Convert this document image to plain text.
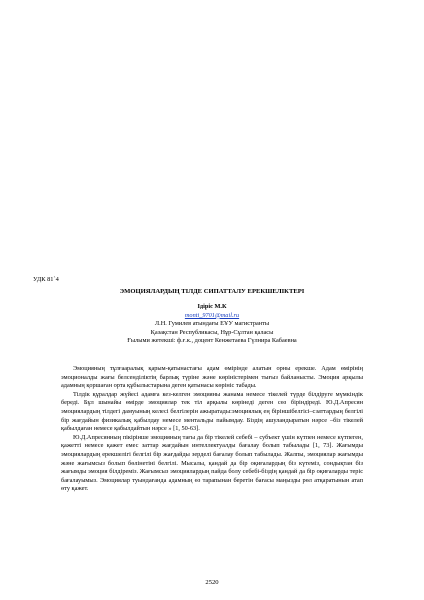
УДК 81`4
ЭМОЦИЯЛАРДЫҢ ТІЛДЕ СИПАТТАЛУ ЕРЕКШЕЛІКТЕРІ
Ідірiс М.К
monti_9701@mail.ru
Л.Н. Гумилев атындағы ЕҰУ магистранты
Қазақстан Республикасы, Нұр-Сұлтан қаласы
Ғылыми жетекші: ф.ғ.к., доцент Кенжетаева Гүлнира Кабаевна

Эмоцияның тұлғааралық қарым-қатынастағы адам өмірінде алатын орны ерекше. Адам өмірінің эмоционалды жағы белсенділіктің барлық түріне және көріністерімен тығыз байланысты. Эмоция арқылы адамның қоршаған орта құбылыстарына деген қатынасы көрініс табады.

Тілдік құралдар жүйесі адамға кез-келген эмоцияны жанама немесе тікелей түрде білдіруге мүмкіндік береді. Бұл шынайы өмірде эмоциялар тек тіл арқылы көрінеді деген сөз біріндіреді. Ю.Д.Апресян эмоциялардың тілдегі дамуының келесі белгілерін ажыратады:эмоциялық ең бірiншiбелгiсi–сзаттардың белгілі бір жағдайын физикалық қабылдау немесе ментальды пайымдау. Біздің ашуландыратын нәрсе –біз тікелей қабылдаған немесе қабылдайтын нәрсе » [1, 50-63].

Ю.Д.Апресянның пікірінше эмоцияның тағы да бір тікелей себебі – субъект үшін күтпен немесе күтпеген, қажетті немесе қажет емес заттар жағдайын интеллектуалды бағалау болып табылады [1, 73]. Жағымды эмоциялардың ерекшелігі белгілі бір жағдайды зердeлі бағалау болып табылады. Жалпы, эмоциялар жағымды және жағымсыз болып бөлінетіні белгілі. Мысалы, қандай да бір оқиғалардың біз күтеміз, сондықтан біз жағымды эмоция білдіреміз. Жағымсыз эмоциялардың пайда болу себебі-біздің қандай да бір оқиғаларды теріс бағалауымыз. Эмоциялар туындағанда адамның өз тарапынан беретін бағасы маңызды рөл атқаратынын атап өту қажет.

2520
